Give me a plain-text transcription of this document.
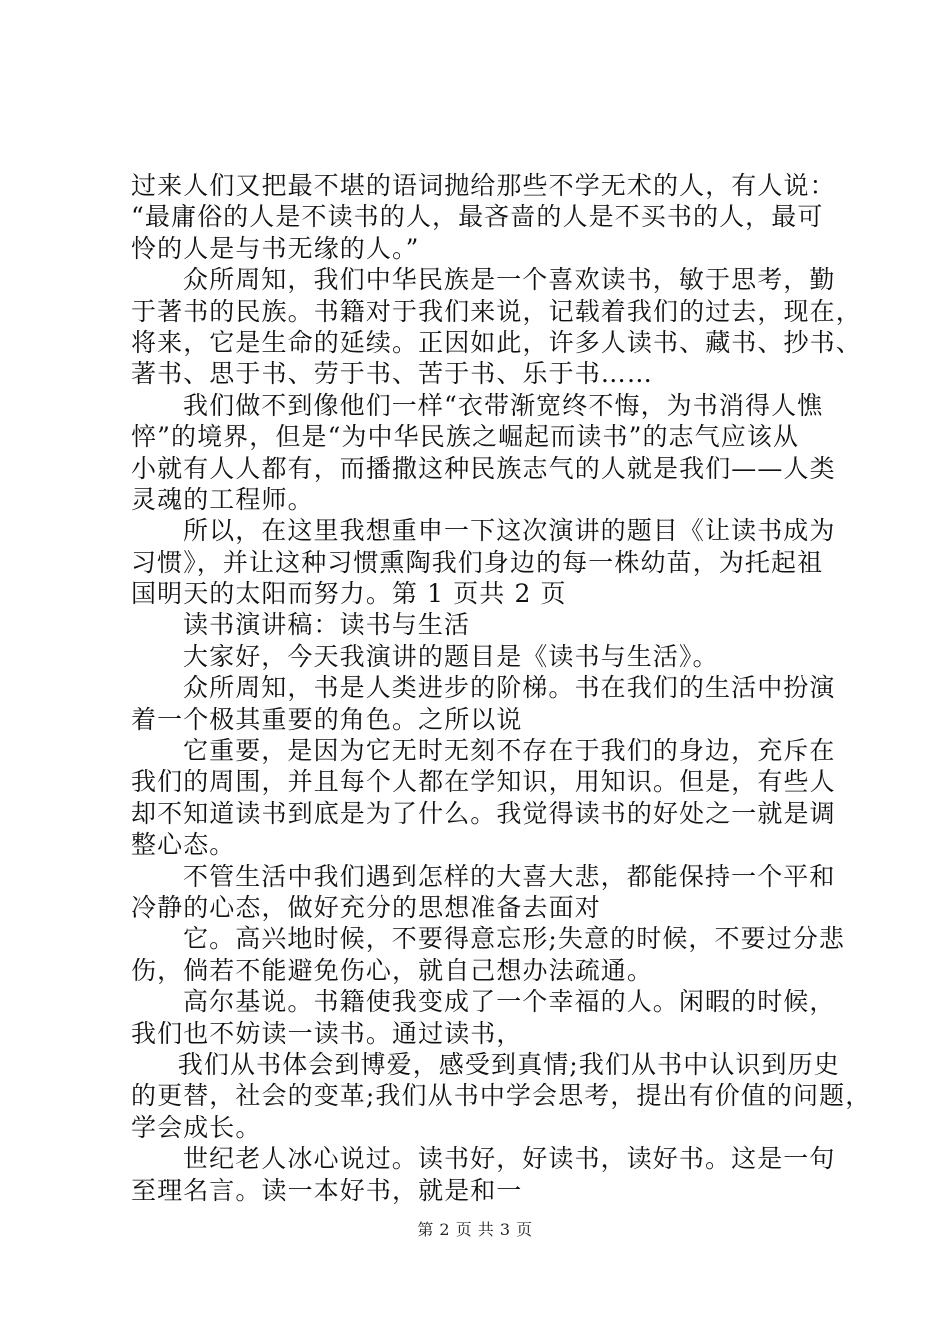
过来人们又把最不堪的语词抛给那些不学无术的人，有人说：
“最庸俗的人是不读书的人，最吝啬的人是不买书的人，最可
怜的人是与书无缘的人。”
众所周知，我们中华民族是一个喜欢读书，敏于思考，勤
于著书的民族。书籍对于我们来说，记载着我们的过去，现在，
将来，它是生命的延续。正因如此，许多人读书、藏书、抄书、
著书、思于书、劳于书、苦于书、乐于书……
我们做不到像他们一样“衣带渐宽终不悔，为书消得人憔
悴”的境界，但是“为中华民族之崛起而读书”的志气应该从
小就有人人都有，而播撒这种民族志气的人就是我们——人类
灵魂的工程师。
所以，在这里我想重申一下这次演讲的题目《让读书成为
习惯》，并让这种习惯熏陶我们身边的每一株幼苗，为托起祖
国明天的太阳而努力。第 1 页共 2 页
读书演讲稿：读书与生活
大家好，今天我演讲的题目是《读书与生活》。
众所周知，书是人类进步的阶梯。书在我们的生活中扮演
着一个极其重要的角色。之所以说
它重要，是因为它无时无刻不存在于我们的身边，充斥在
我们的周围，并且每个人都在学知识，用知识。但是，有些人
却不知道读书到底是为了什么。我觉得读书的好处之一就是调
整心态。
不管生活中我们遇到怎样的大喜大悲，都能保持一个平和
冷静的心态，做好充分的思想准备去面对
它。高兴地时候，不要得意忘形;失意的时候，不要过分悲
伤，倘若不能避免伤心，就自己想办法疏通。
高尔基说。书籍使我变成了一个幸福的人。闲暇的时候，
我们也不妨读一读书。通过读书，
我们从书体会到博爱，感受到真情;我们从书中认识到历史
的更替，社会的变革;我们从书中学会思考，提出有价值的问题，
学会成长。
世纪老人冰心说过。读书好，好读书，读好书。这是一句
至理名言。读一本好书，就是和一
第 2 页 共 3 页
